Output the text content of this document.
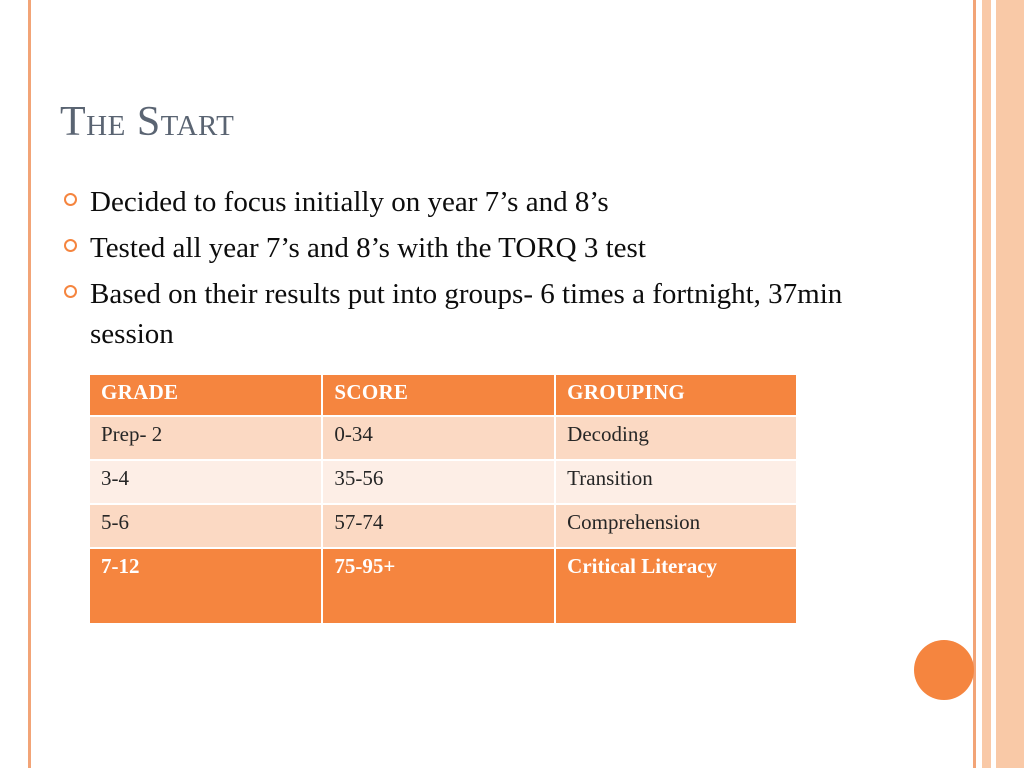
The Start
Decided to focus initially on year 7’s and 8’s
Tested all year 7’s and 8’s with the TORQ 3 test
Based on their results put into groups- 6 times a fortnight, 37min session
GRADE	SCORE	GROUPING
Prep- 2	0-34	Decoding
3-4	35-56	Transition
5-6	57-74	Comprehension
7-12	75-95+	Critical Literacy
